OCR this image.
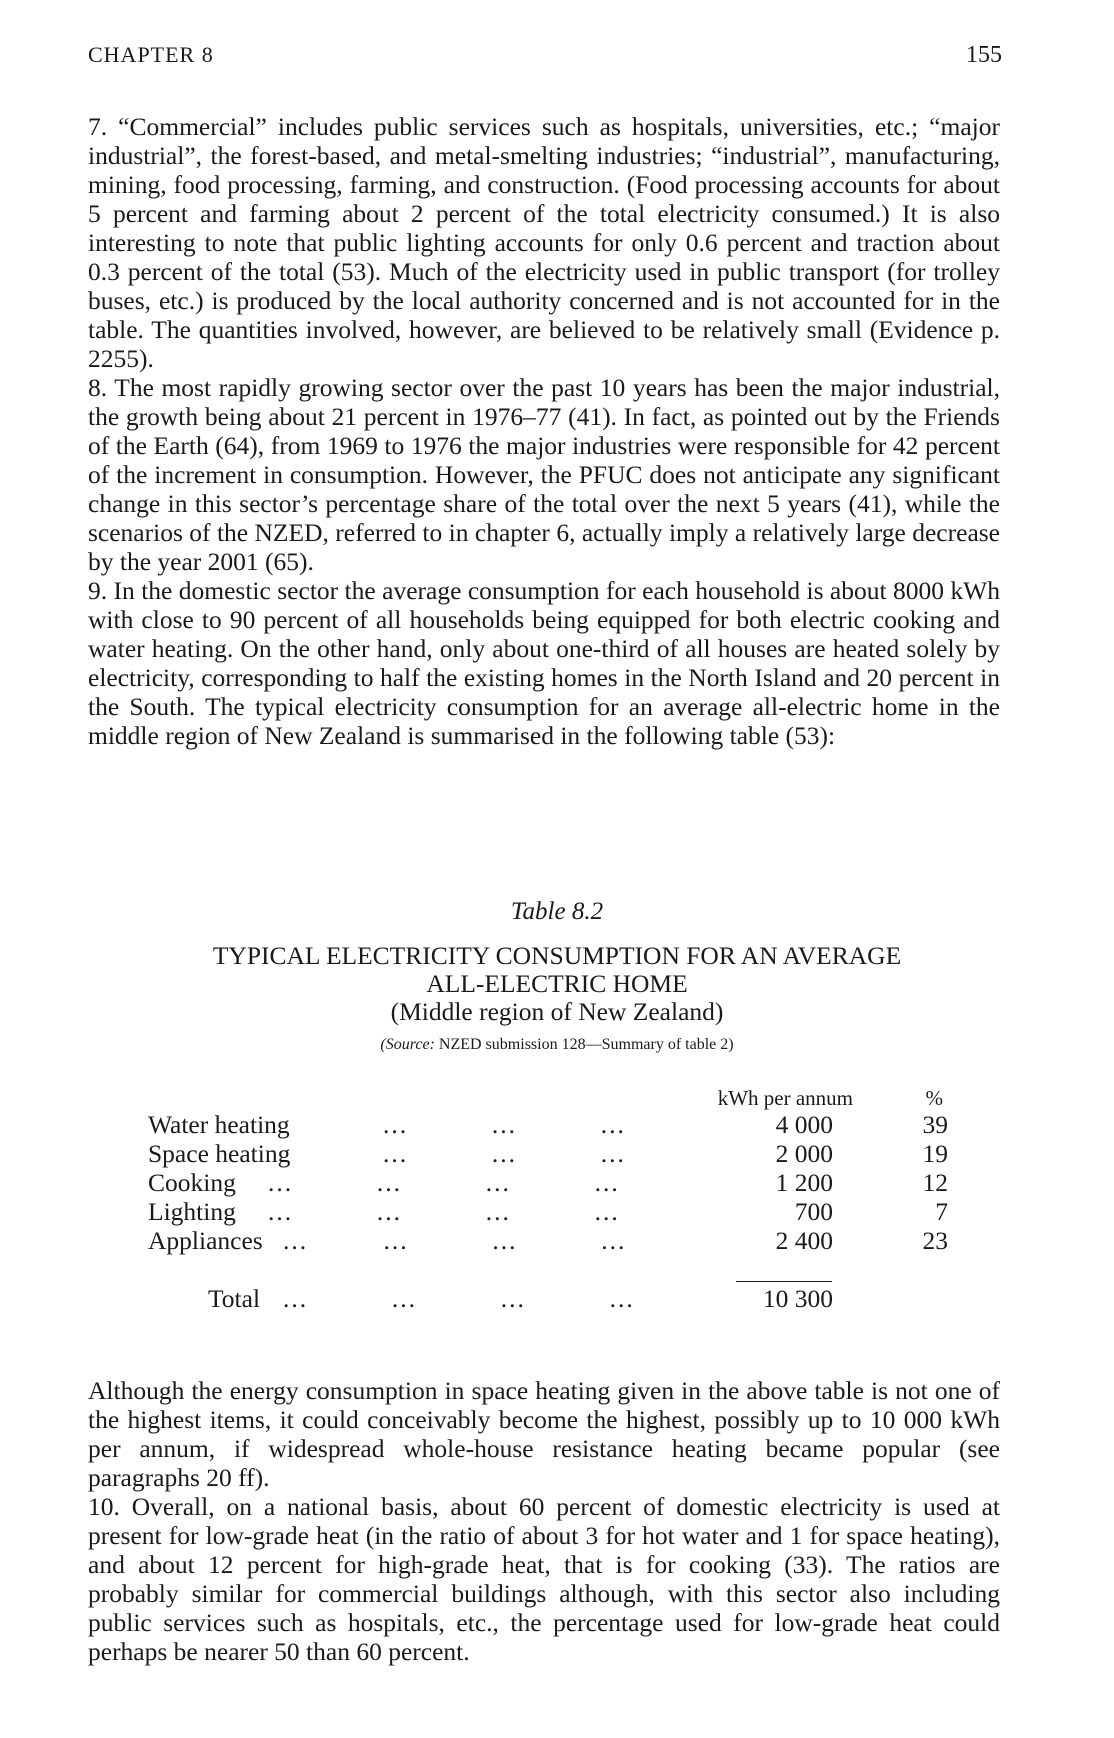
CHAPTER 8	155

7. “Commercial” includes public services such as hospitals, universities, etc.; “major industrial”, the forest-based, and metal-smelting industries; “industrial”, manufacturing, mining, food processing, farming, and construction. (Food processing accounts for about 5 percent and farming about 2 percent of the total electricity consumed.) It is also interesting to note that public lighting accounts for only 0.6 percent and traction about 0.3 percent of the total (53). Much of the electricity used in public transport (for trolley buses, etc.) is produced by the local authority concerned and is not accounted for in the table. The quantities involved, however, are believed to be relatively small (Evidence p. 2255).

8. The most rapidly growing sector over the past 10 years has been the major industrial, the growth being about 21 percent in 1976–77 (41). In fact, as pointed out by the Friends of the Earth (64), from 1969 to 1976 the major industries were responsible for 42 percent of the increment in consumption. However, the PFUC does not anticipate any significant change in this sector’s percentage share of the total over the next 5 years (41), while the scenarios of the NZED, referred to in chapter 6, actually imply a relatively large decrease by the year 2001 (65).

9. In the domestic sector the average consumption for each household is about 8000 kWh with close to 90 percent of all households being equipped for both electric cooking and water heating. On the other hand, only about one-third of all houses are heated solely by electricity, corresponding to half the existing homes in the North Island and 20 percent in the South. The typical electricity consumption for an average all-electric home in the middle region of New Zealand is summarised in the following table (53):

Table 8.2
TYPICAL ELECTRICITY CONSUMPTION FOR AN AVERAGE
ALL-ELECTRIC HOME
(Middle region of New Zealand)
(Source: NZED submission 128—Summary of table 2)
kWh per annum	%
Water heating	...          ...          ...	4 000	39
Space heating	...          ...          ...	2 000	19
Cooking ...          ...          ...          ...	1 200	12
Lighting ...          ...          ...          ...	700	7
Appliances ...         ...          ...          ...	2 400	23
Total ...          ...          ...          ...	10 300

Although the energy consumption in space heating given in the above table is not one of the highest items, it could conceivably become the highest, possibly up to 10 000 kWh per annum, if widespread whole-house resistance heating became popular (see paragraphs 20 ff).

10. Overall, on a national basis, about 60 percent of domestic electricity is used at present for low-grade heat (in the ratio of about 3 for hot water and 1 for space heating), and about 12 percent for high-grade heat, that is for cooking (33). The ratios are probably similar for commercial buildings although, with this sector also including public services such as hospitals, etc., the percentage used for low-grade heat could perhaps be nearer 50 than 60 percent.
